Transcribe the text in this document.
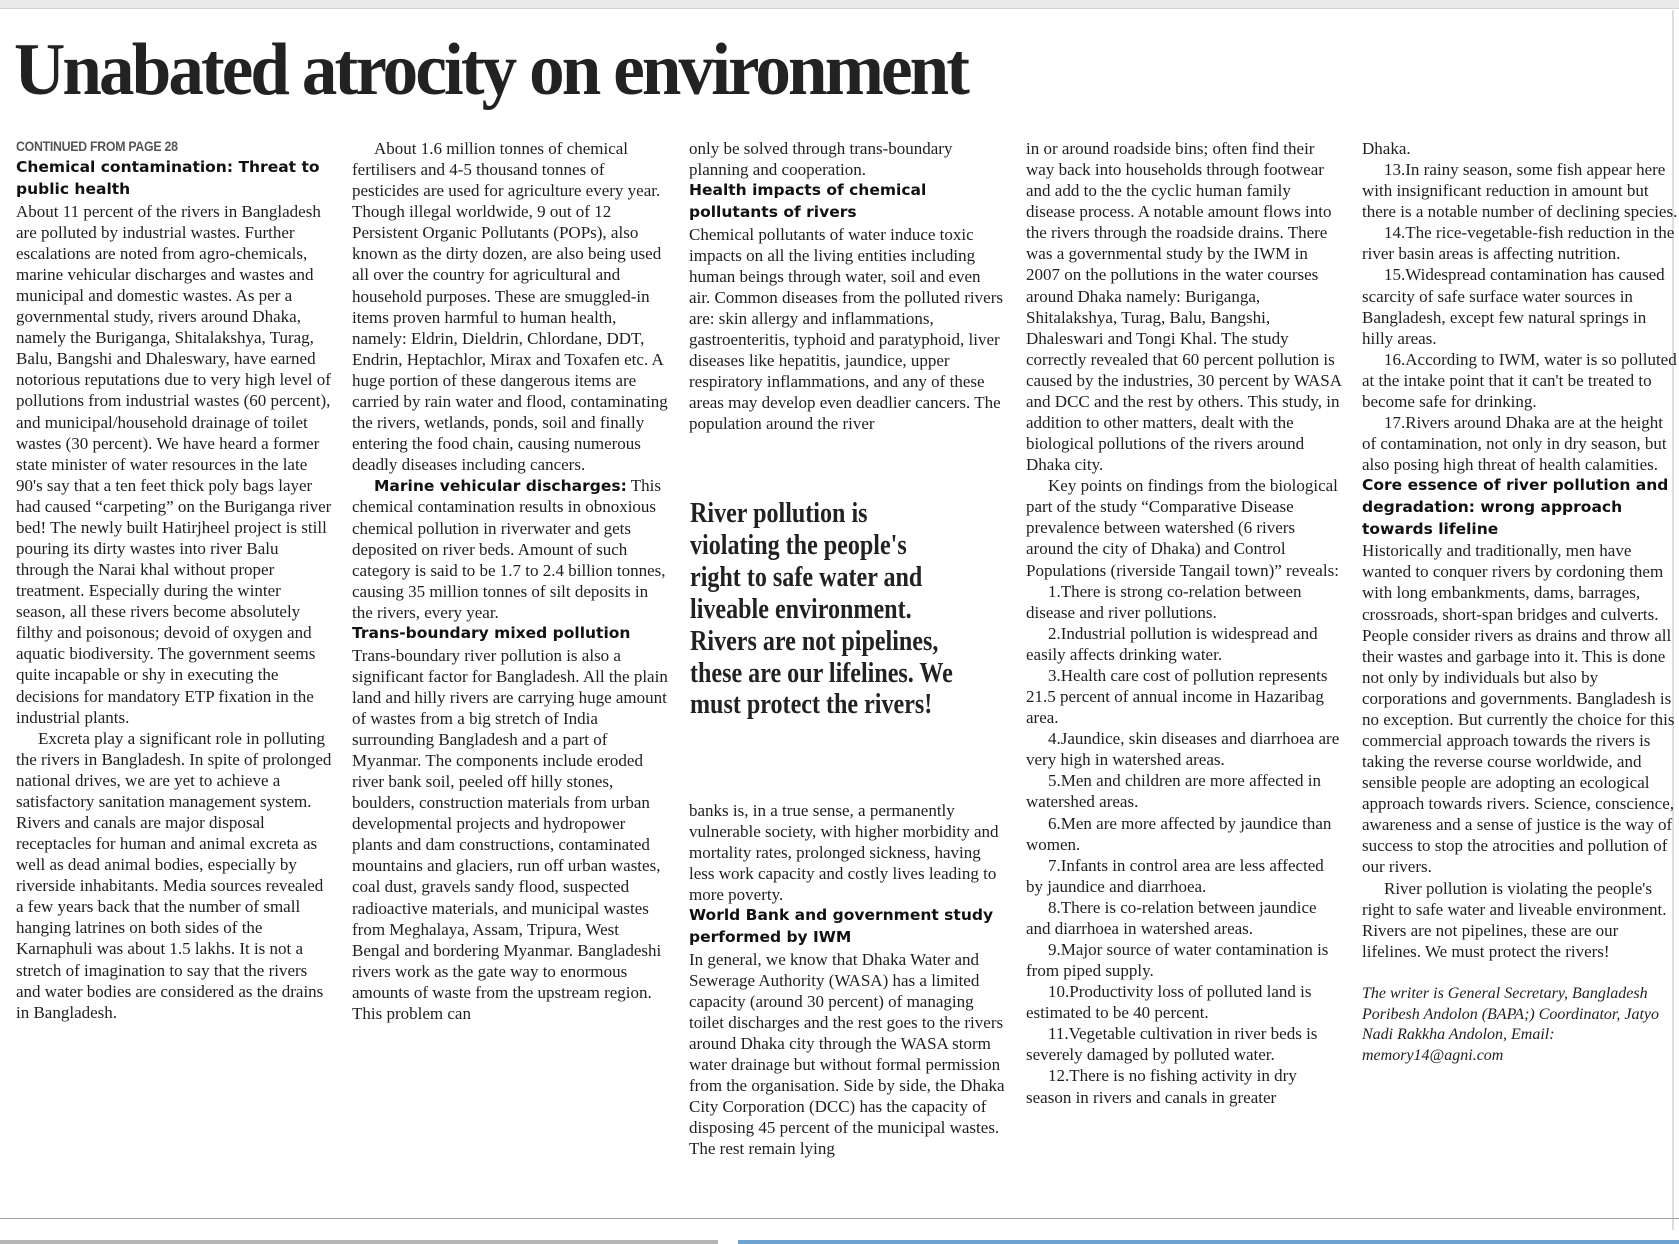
Unabated atrocity on environment
CONTINUED FROM PAGE 28
Chemical contamination: Threat to public health

About 11 percent of the rivers in Bangladesh are polluted by industrial wastes. Further escalations are noted from agro-chemicals, marine vehicular discharges and wastes and municipal and domestic wastes. As per a governmental study, rivers around Dhaka, namely the Buriganga, Shitalakshya, Turag, Balu, Bangshi and Dhaleswary, have earned notorious reputations due to very high level of pollutions from industrial wastes (60 percent), and municipal/household drainage of toilet wastes (30 percent). We have heard a former state minister of water resources in the late 90's say that a ten feet thick poly bags layer had caused “carpeting” on the Buriganga river bed! The newly built Hatirjheel project is still pouring its dirty wastes into river Balu through the Narai khal without proper treatment. Especially during the winter season, all these rivers become absolutely filthy and poisonous; devoid of oxygen and aquatic biodiversity. The government seems quite incapable or shy in executing the decisions for mandatory ETP fixation in the industrial plants.

Excreta play a significant role in polluting the rivers in Bangladesh. In spite of prolonged national drives, we are yet to achieve a satisfactory sanitation management system. Rivers and canals are major disposal receptacles for human and animal excreta as well as dead animal bodies, especially by riverside inhabitants. Media sources revealed a few years back that the number of small hanging latrines on both sides of the Karnaphuli was about 1.5 lakhs. It is not a stretch of imagination to say that the rivers and water bodies are considered as the drains in Bangladesh.

About 1.6 million tonnes of chemical fertilisers and 4-5 thousand tonnes of pesticides are used for agriculture every year. Though illegal worldwide, 9 out of 12 Persistent Organic Pollutants (POPs), also known as the dirty dozen, are also being used all over the country for agricultural and household purposes. These are smuggled-in items proven harmful to human health, namely: Eldrin, Dieldrin, Chlordane, DDT, Endrin, Heptachlor, Mirax and Toxafen etc. A huge portion of these dangerous items are carried by rain water and flood, contaminating the rivers, wetlands, ponds, soil and finally entering the food chain, causing numerous deadly diseases including cancers.

Marine vehicular discharges: This chemical contamination results in obnoxious chemical pollution in riverwater and gets deposited on river beds. Amount of such category is said to be 1.7 to 2.4 billion tonnes, causing 35 million tonnes of silt deposits in the rivers, every year.

Trans-boundary mixed pollution

Trans-boundary river pollution is also a significant factor for Bangladesh. All the plain land and hilly rivers are carrying huge amount of wastes from a big stretch of India surrounding Bangladesh and a part of Myanmar. The components include eroded river bank soil, peeled off hilly stones, boulders, construction materials from urban developmental projects and hydropower plants and dam constructions, contaminated mountains and glaciers, run off urban wastes, coal dust, gravels sandy flood, suspected radioactive materials, and municipal wastes from Meghalaya, Assam, Tripura, West Bengal and bordering Myanmar. Bangladeshi rivers work as the gate way to enormous amounts of waste from the upstream region. This problem can

only be solved through trans-boundary planning and cooperation.

Health impacts of chemical pollutants of rivers

Chemical pollutants of water induce toxic impacts on all the living entities including human beings through water, soil and even air. Common diseases from the polluted rivers are: skin allergy and inflammations, gastroenteritis, typhoid and paratyphoid, liver diseases like hepatitis, jaundice, upper respiratory inflammations, and any of these areas may develop even deadlier cancers. The population around the river

River pollution is violating the people's right to safe water and liveable environment. Rivers are not pipelines, these are our lifelines. We must protect the rivers!

banks is, in a true sense, a permanently vulnerable society, with higher morbidity and mortality rates, prolonged sickness, having less work capacity and costly lives leading to more poverty.

World Bank and government study performed by IWM

In general, we know that Dhaka Water and Sewerage Authority (WASA) has a limited capacity (around 30 percent) of managing toilet discharges and the rest goes to the rivers around Dhaka city through the WASA storm water drainage but without formal permission from the organisation. Side by side, the Dhaka City Corporation (DCC) has the capacity of disposing 45 percent of the municipal wastes. The rest remain lying

in or around roadside bins; often find their way back into households through footwear and add to the the cyclic human family disease process. A notable amount flows into the rivers through the roadside drains. There was a governmental study by the IWM in 2007 on the pollutions in the water courses around Dhaka namely: Buriganga, Shitalakshya, Turag, Balu, Bangshi, Dhaleswari and Tongi Khal. The study correctly revealed that 60 percent pollution is caused by the industries, 30 percent by WASA and DCC and the rest by others. This study, in addition to other matters, dealt with the biological pollutions of the rivers around Dhaka city.

Key points on findings from the biological part of the study “Comparative Disease prevalence between watershed (6 rivers around the city of Dhaka) and Control Populations (riverside Tangail town)” reveals:

1.There is strong co-relation between disease and river pollutions.

2.Industrial pollution is widespread and easily affects drinking water.

3.Health care cost of pollution represents 21.5 percent of annual income in Hazaribag area.

4.Jaundice, skin diseases and diarrhoea are very high in watershed areas.

5.Men and children are more affected in watershed areas.

6.Men are more affected by jaundice than women.

7.Infants in control area are less affected by jaundice and diarrhoea.

8.There is co-relation between jaundice and diarrhoea in watershed areas.

9.Major source of water contamination is from piped supply.

10.Productivity loss of polluted land is estimated to be 40 percent.

11.Vegetable cultivation in river beds is severely damaged by polluted water.

12.There is no fishing activity in dry season in rivers and canals in greater

Dhaka.

13.In rainy season, some fish appear here with insignificant reduction in amount but there is a notable number of declining species.

14.The rice-vegetable-fish reduction in the river basin areas is affecting nutrition.

15.Widespread contamination has caused scarcity of safe surface water sources in Bangladesh, except few natural springs in hilly areas.

16.According to IWM, water is so polluted at the intake point that it can't be treated to become safe for drinking.

17.Rivers around Dhaka are at the height of contamination, not only in dry season, but also posing high threat of health calamities.

Core essence of river pollution and degradation: wrong approach towards lifeline

Historically and traditionally, men have wanted to conquer rivers by cordoning them with long embankments, dams, barrages, crossroads, short-span bridges and culverts. People consider rivers as drains and throw all their wastes and garbage into it. This is done not only by individuals but also by corporations and governments. Bangladesh is no exception. But currently the choice for this commercial approach towards the rivers is taking the reverse course worldwide, and sensible people are adopting an ecological approach towards rivers. Science, conscience, awareness and a sense of justice is the way of success to stop the atrocities and pollution of our rivers.

River pollution is violating the people's right to safe water and liveable environment. Rivers are not pipelines, these are our lifelines. We must protect the rivers!

The writer is General Secretary, Bangladesh Poribesh Andolon (BAPA;) Coordinator, Jatyo Nadi Rakkha Andolon, Email: memory14@agni.com
